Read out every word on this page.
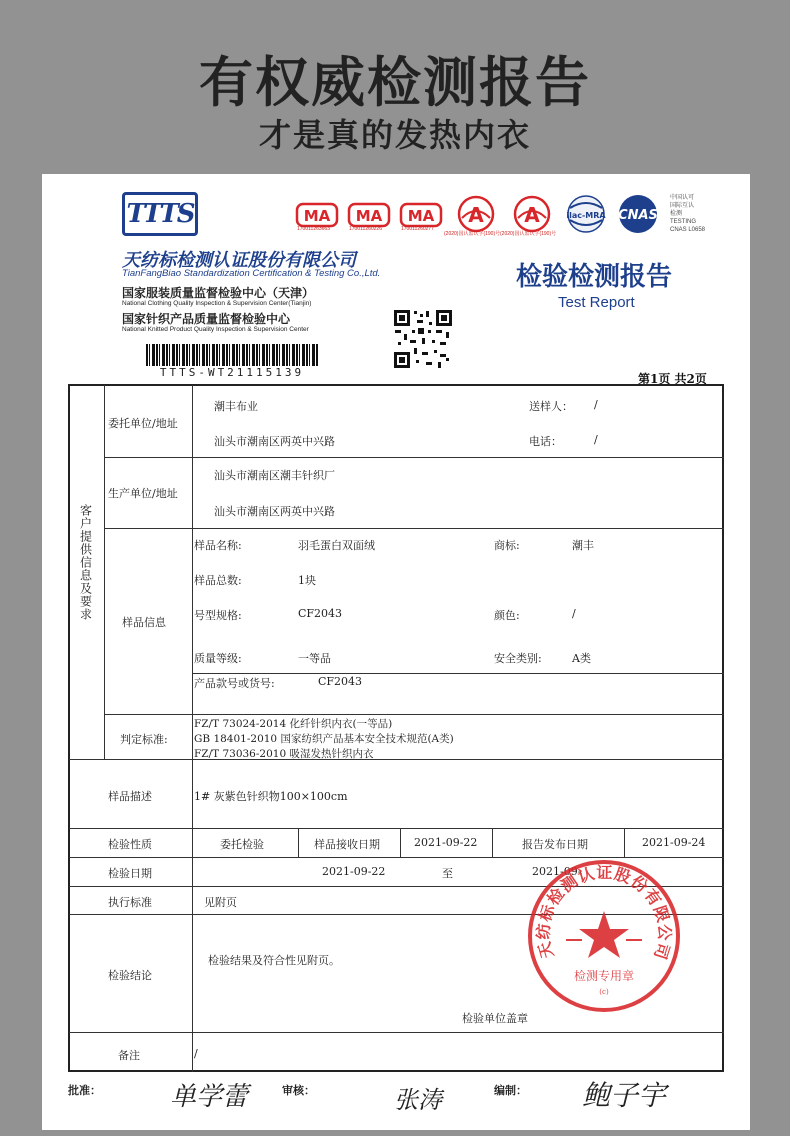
有权威检测报告
才是真的发热内衣
TTTS	MA
170011263663
MA
170011260226
MA
170011260277
A
(2020)国认监认字(190)号
A
(2020)国认监认字(190)号
ilac-MRA CNAS
中国认可
国际互认
检测
TESTING
CNAS L0658
天纺标检测认证股份有限公司
TianFangBiao Standardization Certification & Testing Co.,Ltd.
国家服装质量监督检验中心（天津）
National Clothing Quality Inspection & Supervision Center(Tianjin)
国家针织产品质量监督检验中心
National Knitted Product Quality Inspection & Supervision Center
TTTS-WT21115139
检验检测报告
Test Report
第1页 共2页
客户提供信息及要求
委托单位/地址
潮丰布业
汕头市潮南区两英中兴路
送样人： /
电话：	/
生产单位/地址
汕头市潮南区潮丰针织厂
汕头市潮南区两英中兴路
样品信息
样品名称:	羽毛蛋白双面绒	商标:	潮丰
样品总数:	1块
号型规格:	CF2043	颜色:	/
质量等级:	一等品	安全类别:	A类
产品款号或货号:	CF2043
判定标准:
FZ/T 73024-2014 化纤针织内衣(一等品)
GB 18401-2010 国家纺织产品基本安全技术规范(A类)
FZ/T 73036-2010 吸湿发热针织内衣
样品描述	1# 灰紫色针织物100×100cm
检验性质	委托检验	样品接收日期	2021-09-22	报告发布日期	2021-09-24
检验日期	2021-09-22	至	2021-09-
执行标准	见附页
检验结论
检验结果及符合性见附页。
检验单位盖章
备注	/
天纺标检测认证股份有限公司
检测专用章
(c)
批准：	单学蕾	审核：	张涛	编制： 鲍子宇
